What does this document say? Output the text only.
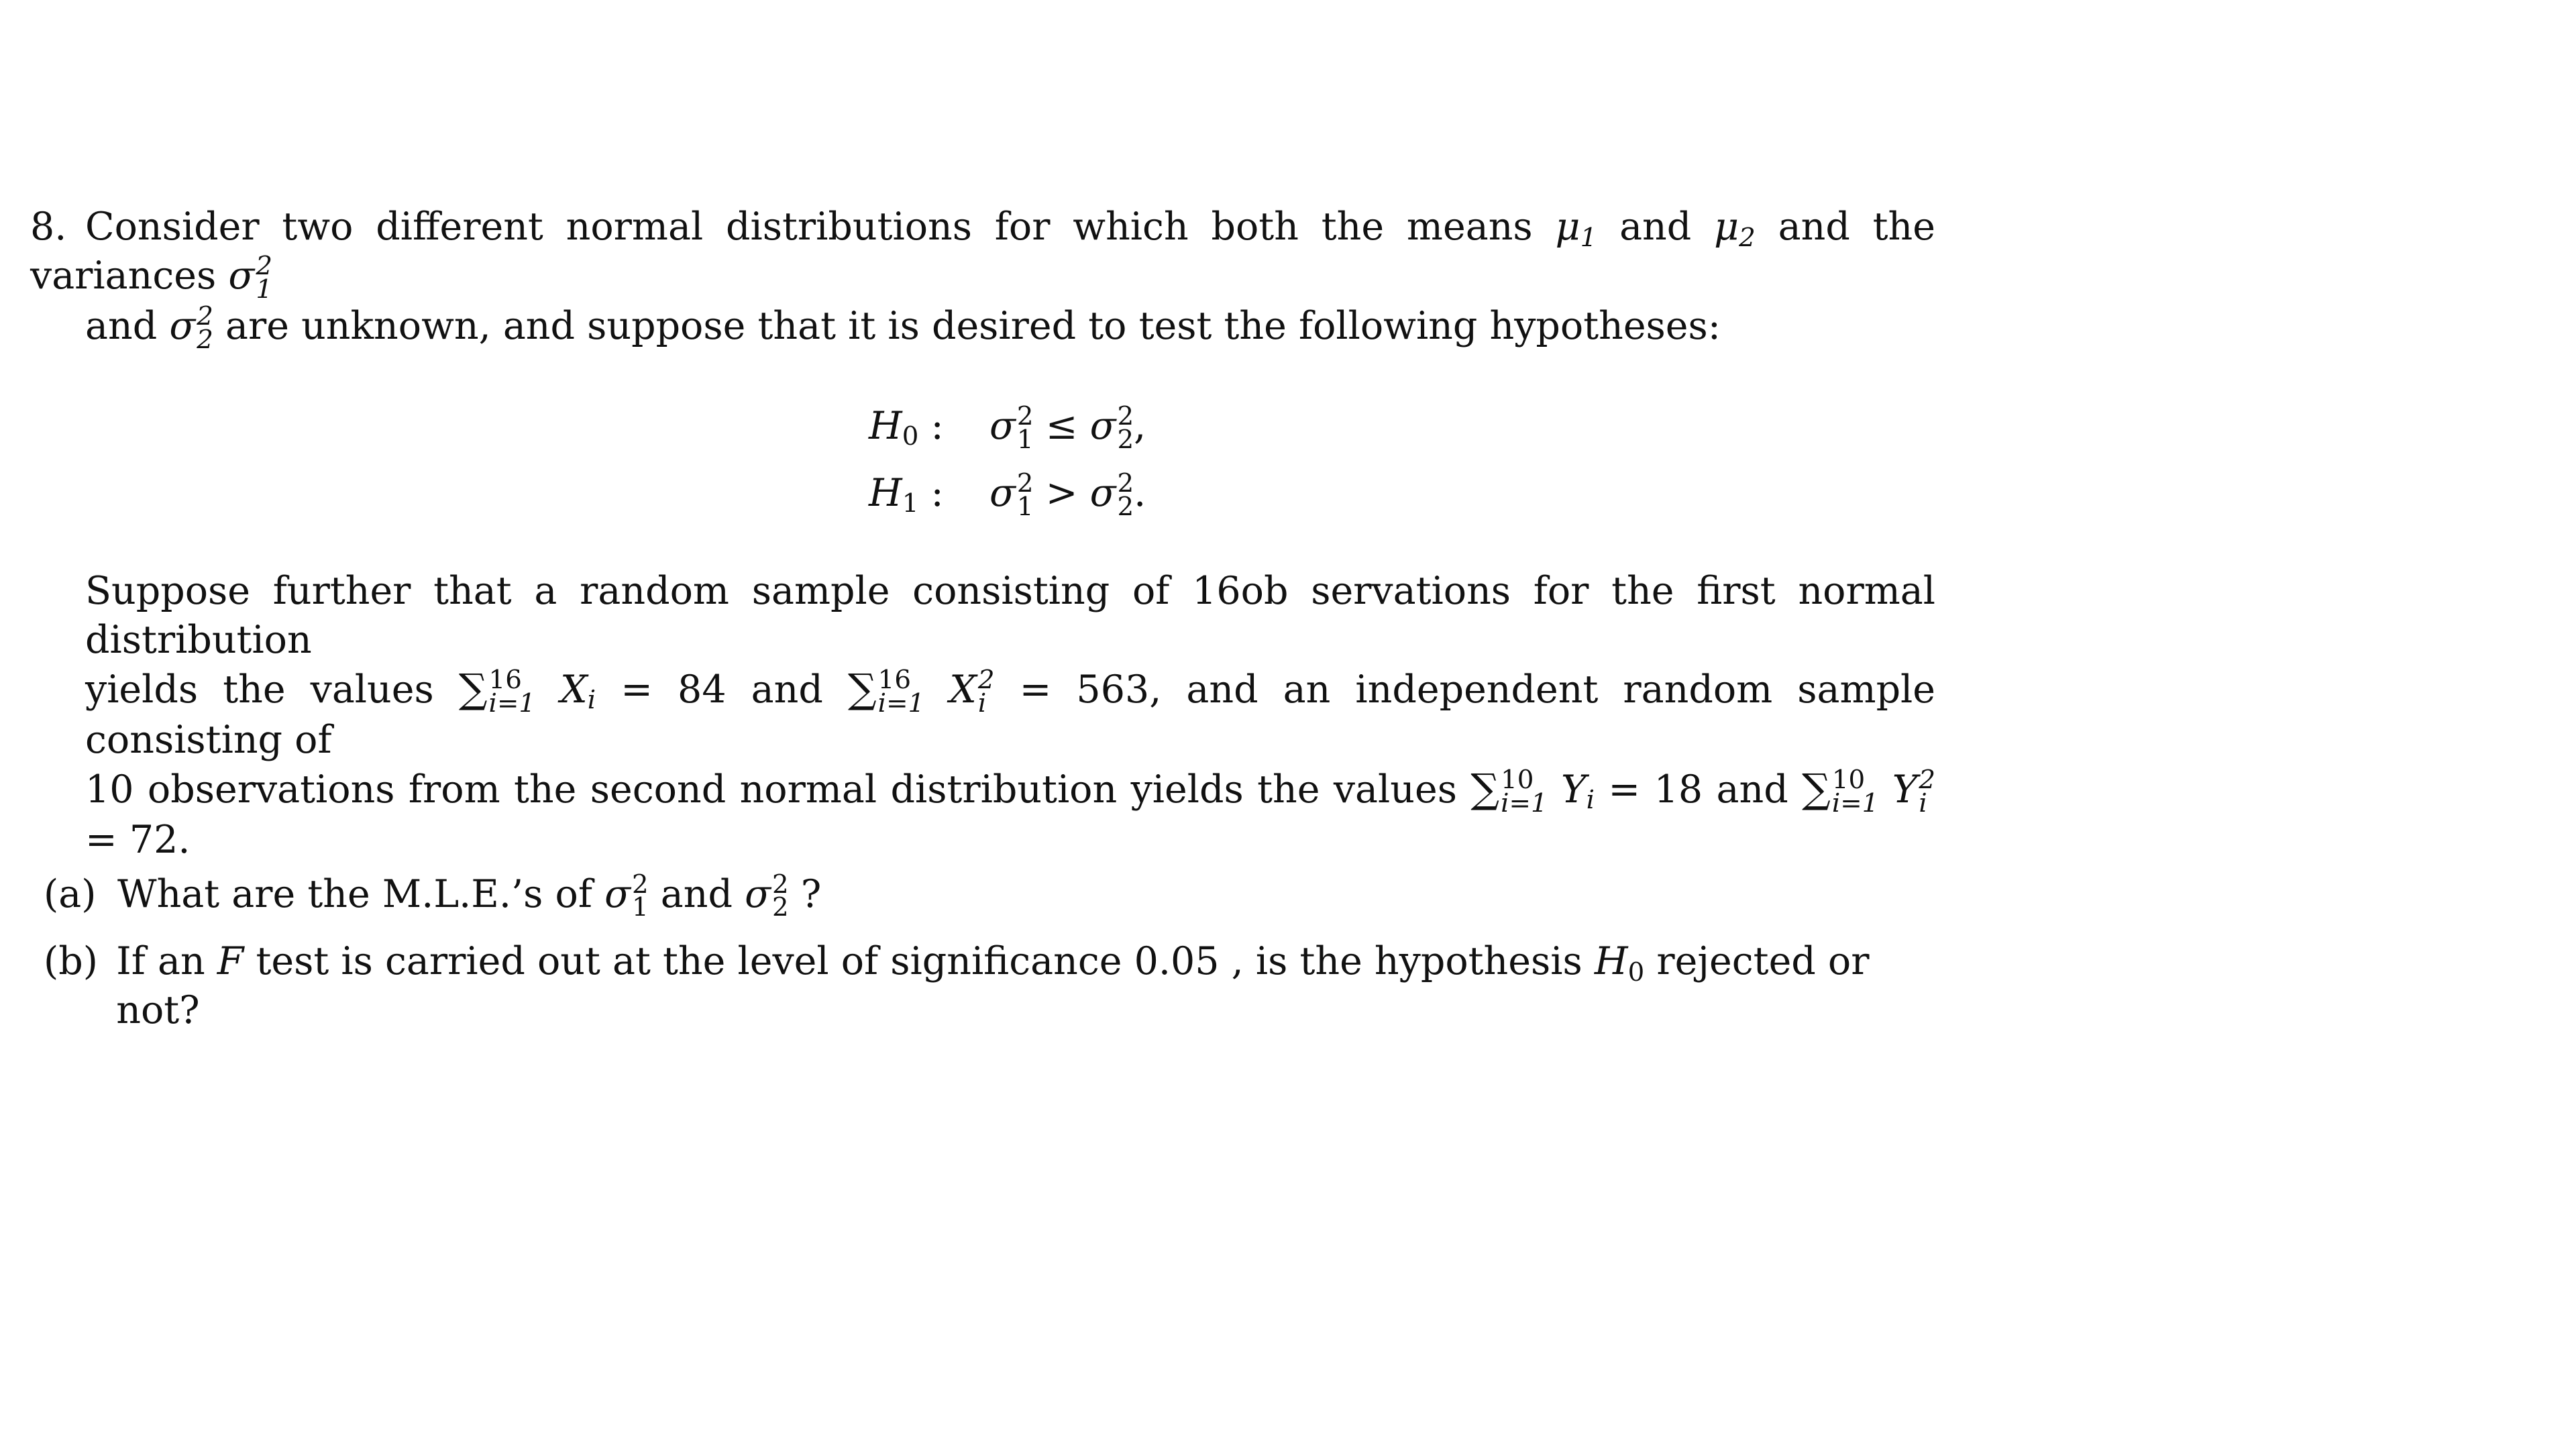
8. Consider two different normal distributions for which both the means $\mu_1$ and $\mu_2$ and the variances σ 2
1

and σ 2
2 are unknown, and suppose that it is desired to test the following hypotheses:

$H_0$ :	σ 2
1 ≤ σ 2
2 ,
$H_1$ :	σ 2
1 > σ 2
2 .

Suppose further that a random sample consisting of 16ob servations for the first normal distribution

yields the values ∑ 16
i=1 $X_i = 84$ and ∑ 16
i=1 X 2
i = 563, and an independent random sample consisting of

10 observations from the second normal distribution yields the values ∑ 10
i=1 $Y_i = 18$ and ∑ 10
i=1 Y 2
i
= 72.

(a) What are the M.L.E.’s of σ 2
1 and σ 2
2 ?
(b) If an F test is carried out at the level of significance 0.05 , is the hypothesis $H_0$ rejected or not?
